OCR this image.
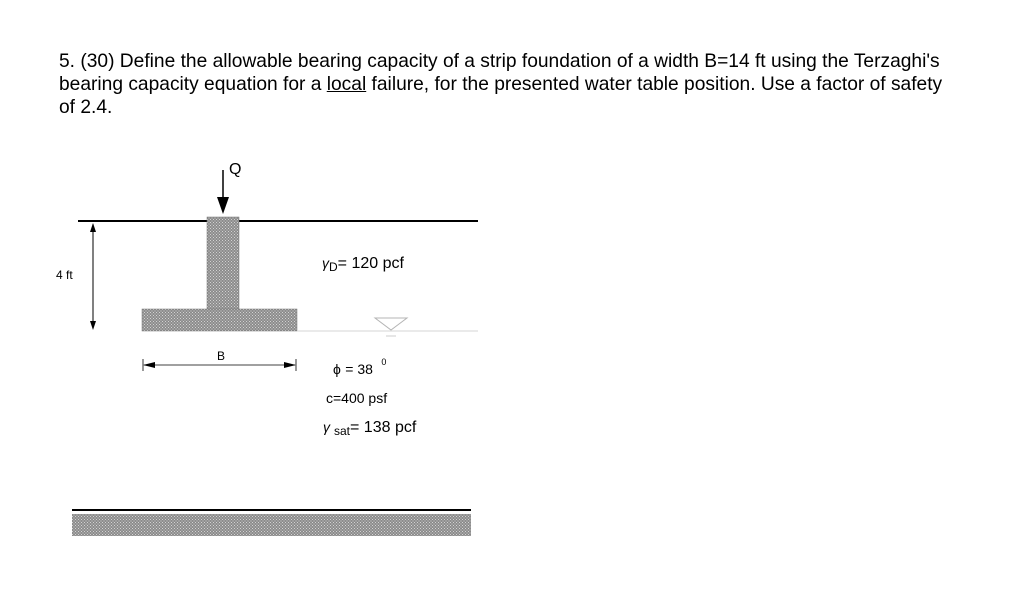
5. (30) Define the allowable bearing capacity of a strip foundation of a width B=14 ft using the Terzaghi's bearing capacity equation for a local failure, for the presented water table position. Use a factor of safety of 2.4.

Q
4 ft
B
γD= 120 pcf
ϕ = 38 $^0$
c=400 psf
γ sat= 138 pcf
